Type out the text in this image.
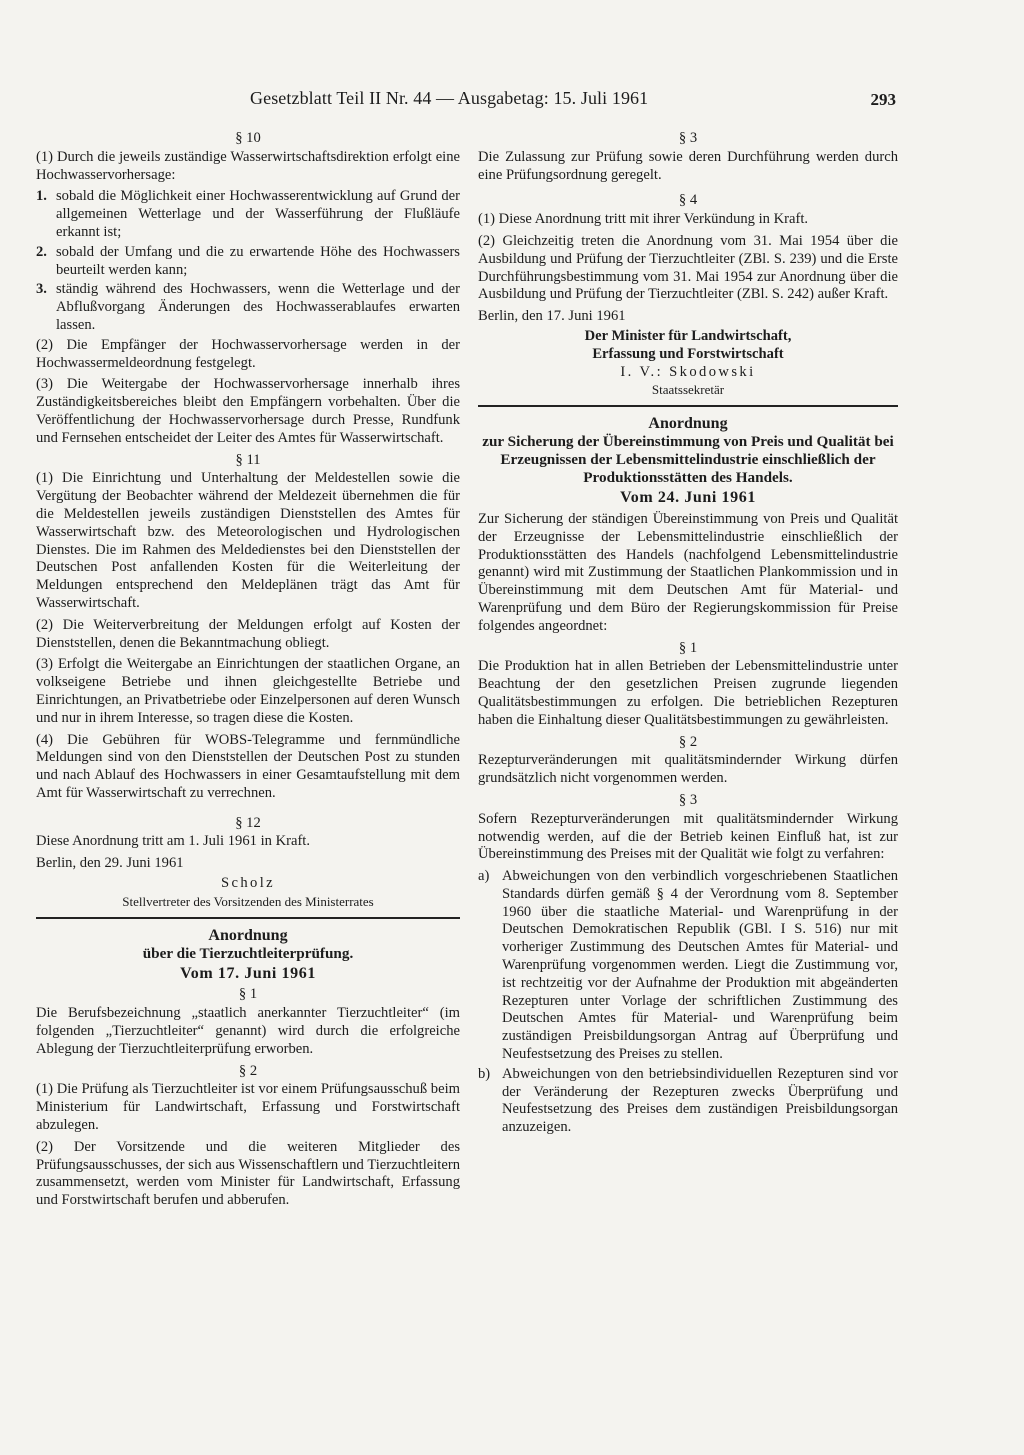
Gesetzblatt Teil II Nr. 44 — Ausgabetag: 15. Juli 1961	293
§ 10

(1) Durch die jeweils zuständige Wasserwirtschaftsdirektion erfolgt eine Hochwasservorhersage:

1. sobald die Möglichkeit einer Hochwasserentwicklung auf Grund der allgemeinen Wetterlage und der Wasserführung der Flußläufe erkannt ist;
2. sobald der Umfang und die zu erwartende Höhe des Hochwassers beurteilt werden kann;
3. ständig während des Hochwassers, wenn die Wetterlage und der Abflußvorgang Änderungen des Hochwasserablaufes erwarten lassen.

(2) Die Empfänger der Hochwasservorhersage werden in der Hochwassermeldeordnung festgelegt.

(3) Die Weitergabe der Hochwasservorhersage innerhalb ihres Zuständigkeitsbereiches bleibt den Empfängern vorbehalten. Über die Veröffentlichung der Hochwasservorhersage durch Presse, Rundfunk und Fernsehen entscheidet der Leiter des Amtes für Wasserwirtschaft.

§ 11

(1) Die Einrichtung und Unterhaltung der Meldestellen sowie die Vergütung der Beobachter während der Meldezeit übernehmen die für die Meldestellen jeweils zuständigen Dienststellen des Amtes für Wasserwirtschaft bzw. des Meteorologischen und Hydrologischen Dienstes. Die im Rahmen des Meldedienstes bei den Dienststellen der Deutschen Post anfallenden Kosten für die Weiterleitung der Meldungen entsprechend den Meldeplänen trägt das Amt für Wasserwirtschaft.

(2) Die Weiterverbreitung der Meldungen erfolgt auf Kosten der Dienststellen, denen die Bekanntmachung obliegt.

(3) Erfolgt die Weitergabe an Einrichtungen der staatlichen Organe, an volkseigene Betriebe und ihnen gleichgestellte Betriebe und Einrichtungen, an Privatbetriebe oder Einzelpersonen auf deren Wunsch und nur in ihrem Interesse, so tragen diese die Kosten.

(4) Die Gebühren für WOBS-Telegramme und fernmündliche Meldungen sind von den Dienststellen der Deutschen Post zu stunden und nach Ablauf des Hochwassers in einer Gesamtaufstellung mit dem Amt für Wasserwirtschaft zu verrechnen.

§ 12

Diese Anordnung tritt am 1. Juli 1961 in Kraft.

Berlin, den 29. Juni 1961

Scholz
Stellvertreter des Vorsitzenden des Ministerrates
Anordnung
über die Tierzuchtleiterprüfung.
Vom 17. Juni 1961
§ 1

Die Berufsbezeichnung „staatlich anerkannter Tierzuchtleiter“ (im folgenden „Tierzuchtleiter“ genannt) wird durch die erfolgreiche Ablegung der Tierzuchtleiterprüfung erworben.

§ 2

(1) Die Prüfung als Tierzuchtleiter ist vor einem Prüfungsausschuß beim Ministerium für Landwirtschaft, Erfassung und Forstwirtschaft abzulegen.

(2) Der Vorsitzende und die weiteren Mitglieder des Prüfungsausschusses, der sich aus Wissenschaftlern und Tierzuchtleitern zusammensetzt, werden vom Minister für Landwirtschaft, Erfassung und Forstwirtschaft berufen und abberufen.

§ 3

Die Zulassung zur Prüfung sowie deren Durchführung werden durch eine Prüfungsordnung geregelt.

§ 4

(1) Diese Anordnung tritt mit ihrer Verkündung in Kraft.

(2) Gleichzeitig treten die Anordnung vom 31. Mai 1954 über die Ausbildung und Prüfung der Tierzuchtleiter (ZBl. S. 239) und die Erste Durchführungsbestimmung vom 31. Mai 1954 zur Anordnung über die Ausbildung und Prüfung der Tierzuchtleiter (ZBl. S. 242) außer Kraft.

Berlin, den 17. Juni 1961

Der Minister für Landwirtschaft,
Erfassung und Forstwirtschaft
I. V.: Skodowski
Staatssekretär
Anordnung
zur Sicherung der Übereinstimmung von Preis und Qualität bei Erzeugnissen der Lebensmittelindustrie einschließlich der Produktionsstätten des Handels.
Vom 24. Juni 1961

Zur Sicherung der ständigen Übereinstimmung von Preis und Qualität der Erzeugnisse der Lebensmittelindustrie einschließlich der Produktionsstätten des Handels (nachfolgend Lebensmittelindustrie genannt) wird mit Zustimmung der Staatlichen Plankommission und in Übereinstimmung mit dem Deutschen Amt für Material- und Warenprüfung und dem Büro der Regierungskommission für Preise folgendes angeordnet:

§ 1

Die Produktion hat in allen Betrieben der Lebensmittelindustrie unter Beachtung der den gesetzlichen Preisen zugrunde liegenden Qualitätsbestimmungen zu erfolgen. Die betrieblichen Rezepturen haben die Einhaltung dieser Qualitätsbestimmungen zu gewährleisten.

§ 2

Rezepturveränderungen mit qualitätsmindernder Wirkung dürfen grundsätzlich nicht vorgenommen werden.

§ 3

Sofern Rezepturveränderungen mit qualitätsmindernder Wirkung notwendig werden, auf die der Betrieb keinen Einfluß hat, ist zur Übereinstimmung des Preises mit der Qualität wie folgt zu verfahren:

a) Abweichungen von den verbindlich vorgeschriebenen Staatlichen Standards dürfen gemäß § 4 der Verordnung vom 8. September 1960 über die staatliche Material- und Warenprüfung in der Deutschen Demokratischen Republik (GBl. I S. 516) nur mit vorheriger Zustimmung des Deutschen Amtes für Material- und Warenprüfung vorgenommen werden. Liegt die Zustimmung vor, ist rechtzeitig vor der Aufnahme der Produktion mit abgeänderten Rezepturen unter Vorlage der schriftlichen Zustimmung des Deutschen Amtes für Material- und Warenprüfung beim zuständigen Preisbildungsorgan Antrag auf Überprüfung und Neufestsetzung des Preises zu stellen.
b) Abweichungen von den betriebsindividuellen Rezepturen sind vor der Veränderung der Rezepturen zwecks Überprüfung und Neufestsetzung des Preises dem zuständigen Preisbildungsorgan anzuzeigen.
